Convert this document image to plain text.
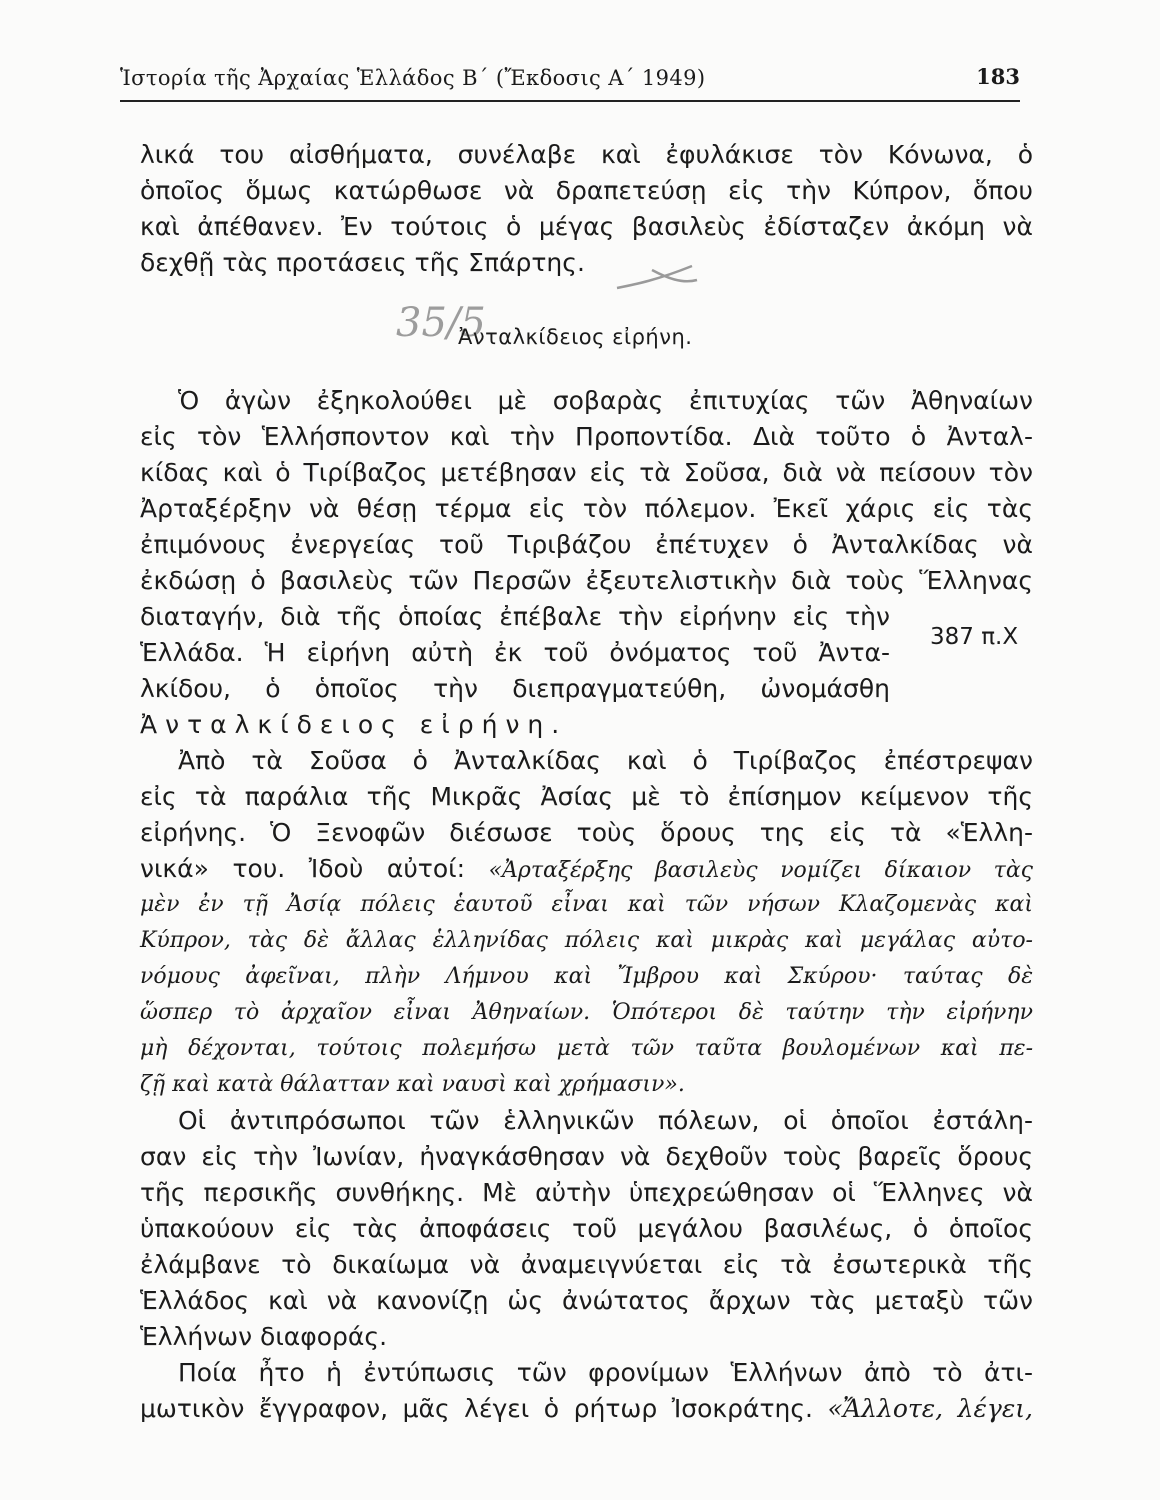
Ἱστορία τῆς Ἀρχαίας Ἑλλάδος Β΄ (Ἔκδοσις Α΄ 1949)	183
λικά του αἰσθήματα, συνέλαβε καὶ ἐφυλάκισε τὸν Κόνωνα, ὁ
ὁποῖος ὅμως κατώρθωσε νὰ δραπετεύσῃ εἰς τὴν Κύπρον, ὅπου
καὶ ἀπέθανεν. Ἐν τούτοις ὁ μέγας βασιλεὺς ἐδίσταζεν ἀκόμη νὰ
δεχθῇ τὰς προτάσεις τῆς Σπάρτης.
35/5
Ἀνταλκίδειος εἰρήνη.
Ὁ ἀγὼν ἐξηκολούθει μὲ σοβαρὰς ἐπιτυχίας τῶν Ἀθηναίων
εἰς τὸν Ἑλλήσποντον καὶ τὴν Προποντίδα. Διὰ τοῦτο ὁ Ἀνταλ-
κίδας καὶ ὁ Τιρίβαζος μετέβησαν εἰς τὰ Σοῦσα, διὰ νὰ πείσουν τὸν
Ἀρταξέρξην νὰ θέσῃ τέρμα εἰς τὸν πόλεμον. Ἐκεῖ χάρις εἰς τὰς
ἐπιμόνους ἐνεργείας τοῦ Τιριβάζου ἐπέτυχεν ὁ Ἀνταλκίδας νὰ
ἐκδώσῃ ὁ βασιλεὺς τῶν Περσῶν ἐξευτελιστικὴν διὰ τοὺς Ἕλληνας
διαταγήν, διὰ τῆς ὁποίας ἐπέβαλε τὴν εἰρήνην εἰς τὴν
Ἑλλάδα. Ἡ εἰρήνη αὐτὴ ἐκ τοῦ ὀνόματος τοῦ Ἀντα-
λκίδου, ὁ ὁποῖος τὴν διεπραγματεύθη, ὠνομάσθη
Ἀνταλκίδειος εἰρήνη.
387 π.Χ
Ἀπὸ τὰ Σοῦσα ὁ Ἀνταλκίδας καὶ ὁ Τιρίβαζος ἐπέστρεψαν
εἰς τὰ παράλια τῆς Μικρᾶς Ἀσίας μὲ τὸ ἐπίσημον κείμενον τῆς
εἰρήνης. Ὁ Ξενοφῶν διέσωσε τοὺς ὅρους της εἰς τὰ «Ἑλλη-
νικά» του. Ἰδοὺ αὐτοί: «Ἀρταξέρξης βασιλεὺς νομίζει δίκαιον τὰς
μὲν ἐν τῇ Ἀσίᾳ πόλεις ἑαυτοῦ εἶναι καὶ τῶν νήσων Κλαζομενὰς καὶ
Κύπρον, τὰς δὲ ἄλλας ἑλληνίδας πόλεις καὶ μικρὰς καὶ μεγάλας αὐτο-
νόμους ἀφεῖναι, πλὴν Λήμνου καὶ Ἴμβρου καὶ Σκύρου· ταύτας δὲ
ὥσπερ τὸ ἀρχαῖον εἶναι Ἀθηναίων. Ὁπότεροι δὲ ταύτην τὴν εἰρήνην
μὴ δέχονται, τούτοις πολεμήσω μετὰ τῶν ταῦτα βουλομένων καὶ πε-
ζῇ καὶ κατὰ θάλατταν καὶ ναυσὶ καὶ χρήμασιν».
Οἱ ἀντιπρόσωποι τῶν ἑλληνικῶν πόλεων, οἱ ὁποῖοι ἐστάλη-
σαν εἰς τὴν Ἰωνίαν, ἠναγκάσθησαν νὰ δεχθοῦν τοὺς βαρεῖς ὅρους
τῆς περσικῆς συνθήκης. Μὲ αὐτὴν ὑπεχρεώθησαν οἱ Ἕλληνες νὰ
ὑπακούουν εἰς τὰς ἀποφάσεις τοῦ μεγάλου βασιλέως, ὁ ὁποῖος
ἐλάμβανε τὸ δικαίωμα νὰ ἀναμειγνύεται εἰς τὰ ἐσωτερικὰ τῆς
Ἑλλάδος καὶ νὰ κανονίζῃ ὡς ἀνώτατος ἄρχων τὰς μεταξὺ τῶν
Ἑλλήνων διαφοράς.
Ποία ἦτο ἡ ἐντύπωσις τῶν φρονίμων Ἑλλήνων ἀπὸ τὸ ἀτι-
μωτικὸν ἔγγραφον, μᾶς λέγει ὁ ρήτωρ Ἰσοκράτης. «Ἄλλοτε, λέγει,
